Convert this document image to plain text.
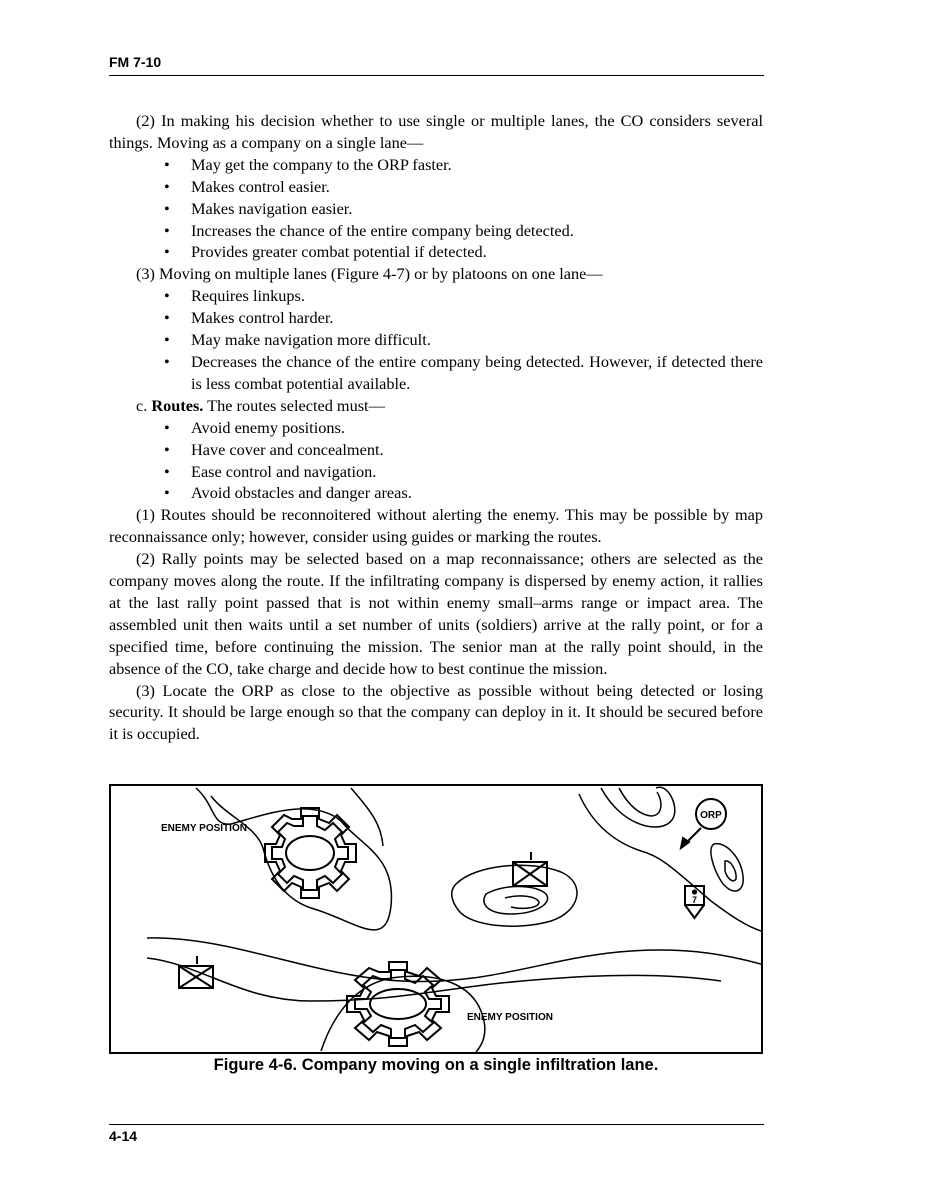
FM 7-10

(2) In making his decision whether to use single or multiple lanes, the CO considers several things. Moving as a company on a single lane—

• May get the company to the ORP faster.
• Makes control easier.
• Makes navigation easier.
• Increases the chance of the entire company being detected.
• Provides greater combat potential if detected.

(3) Moving on multiple lanes (Figure 4-7) or by platoons on one lane—

• Requires linkups.
• Makes control harder.
• May make navigation more difficult.
• Decreases the chance of the entire company being detected. However, if detected there is less combat potential available.

c. Routes. The routes selected must—

• Avoid enemy positions.
• Have cover and concealment.
• Ease control and navigation.
• Avoid obstacles and danger areas.

(1) Routes should be reconnoitered without alerting the enemy. This may be possible by map reconnaissance only; however, consider using guides or marking the routes.

(2) Rally points may be selected based on a map reconnaissance; others are selected as the company moves along the route. If the infiltrating company is dispersed by enemy action, it rallies at the last rally point passed that is not within enemy small–arms range or impact area. The assembled unit then waits until a set number of units (soldiers) arrive at the rally point, or for a specified time, before continuing the mission. The senior man at the rally point should, in the absence of the CO, take charge and decide how to best continue the mission.

(3) Locate the ORP as close to the objective as possible without being detected or losing security. It should be large enough so that the company can deploy in it. It should be secured before it is occupied.

ENEMY POSITION
ENEMY POSITION
ORP
7
Figure 4-6. Company moving on a single infiltration lane.
4-14
